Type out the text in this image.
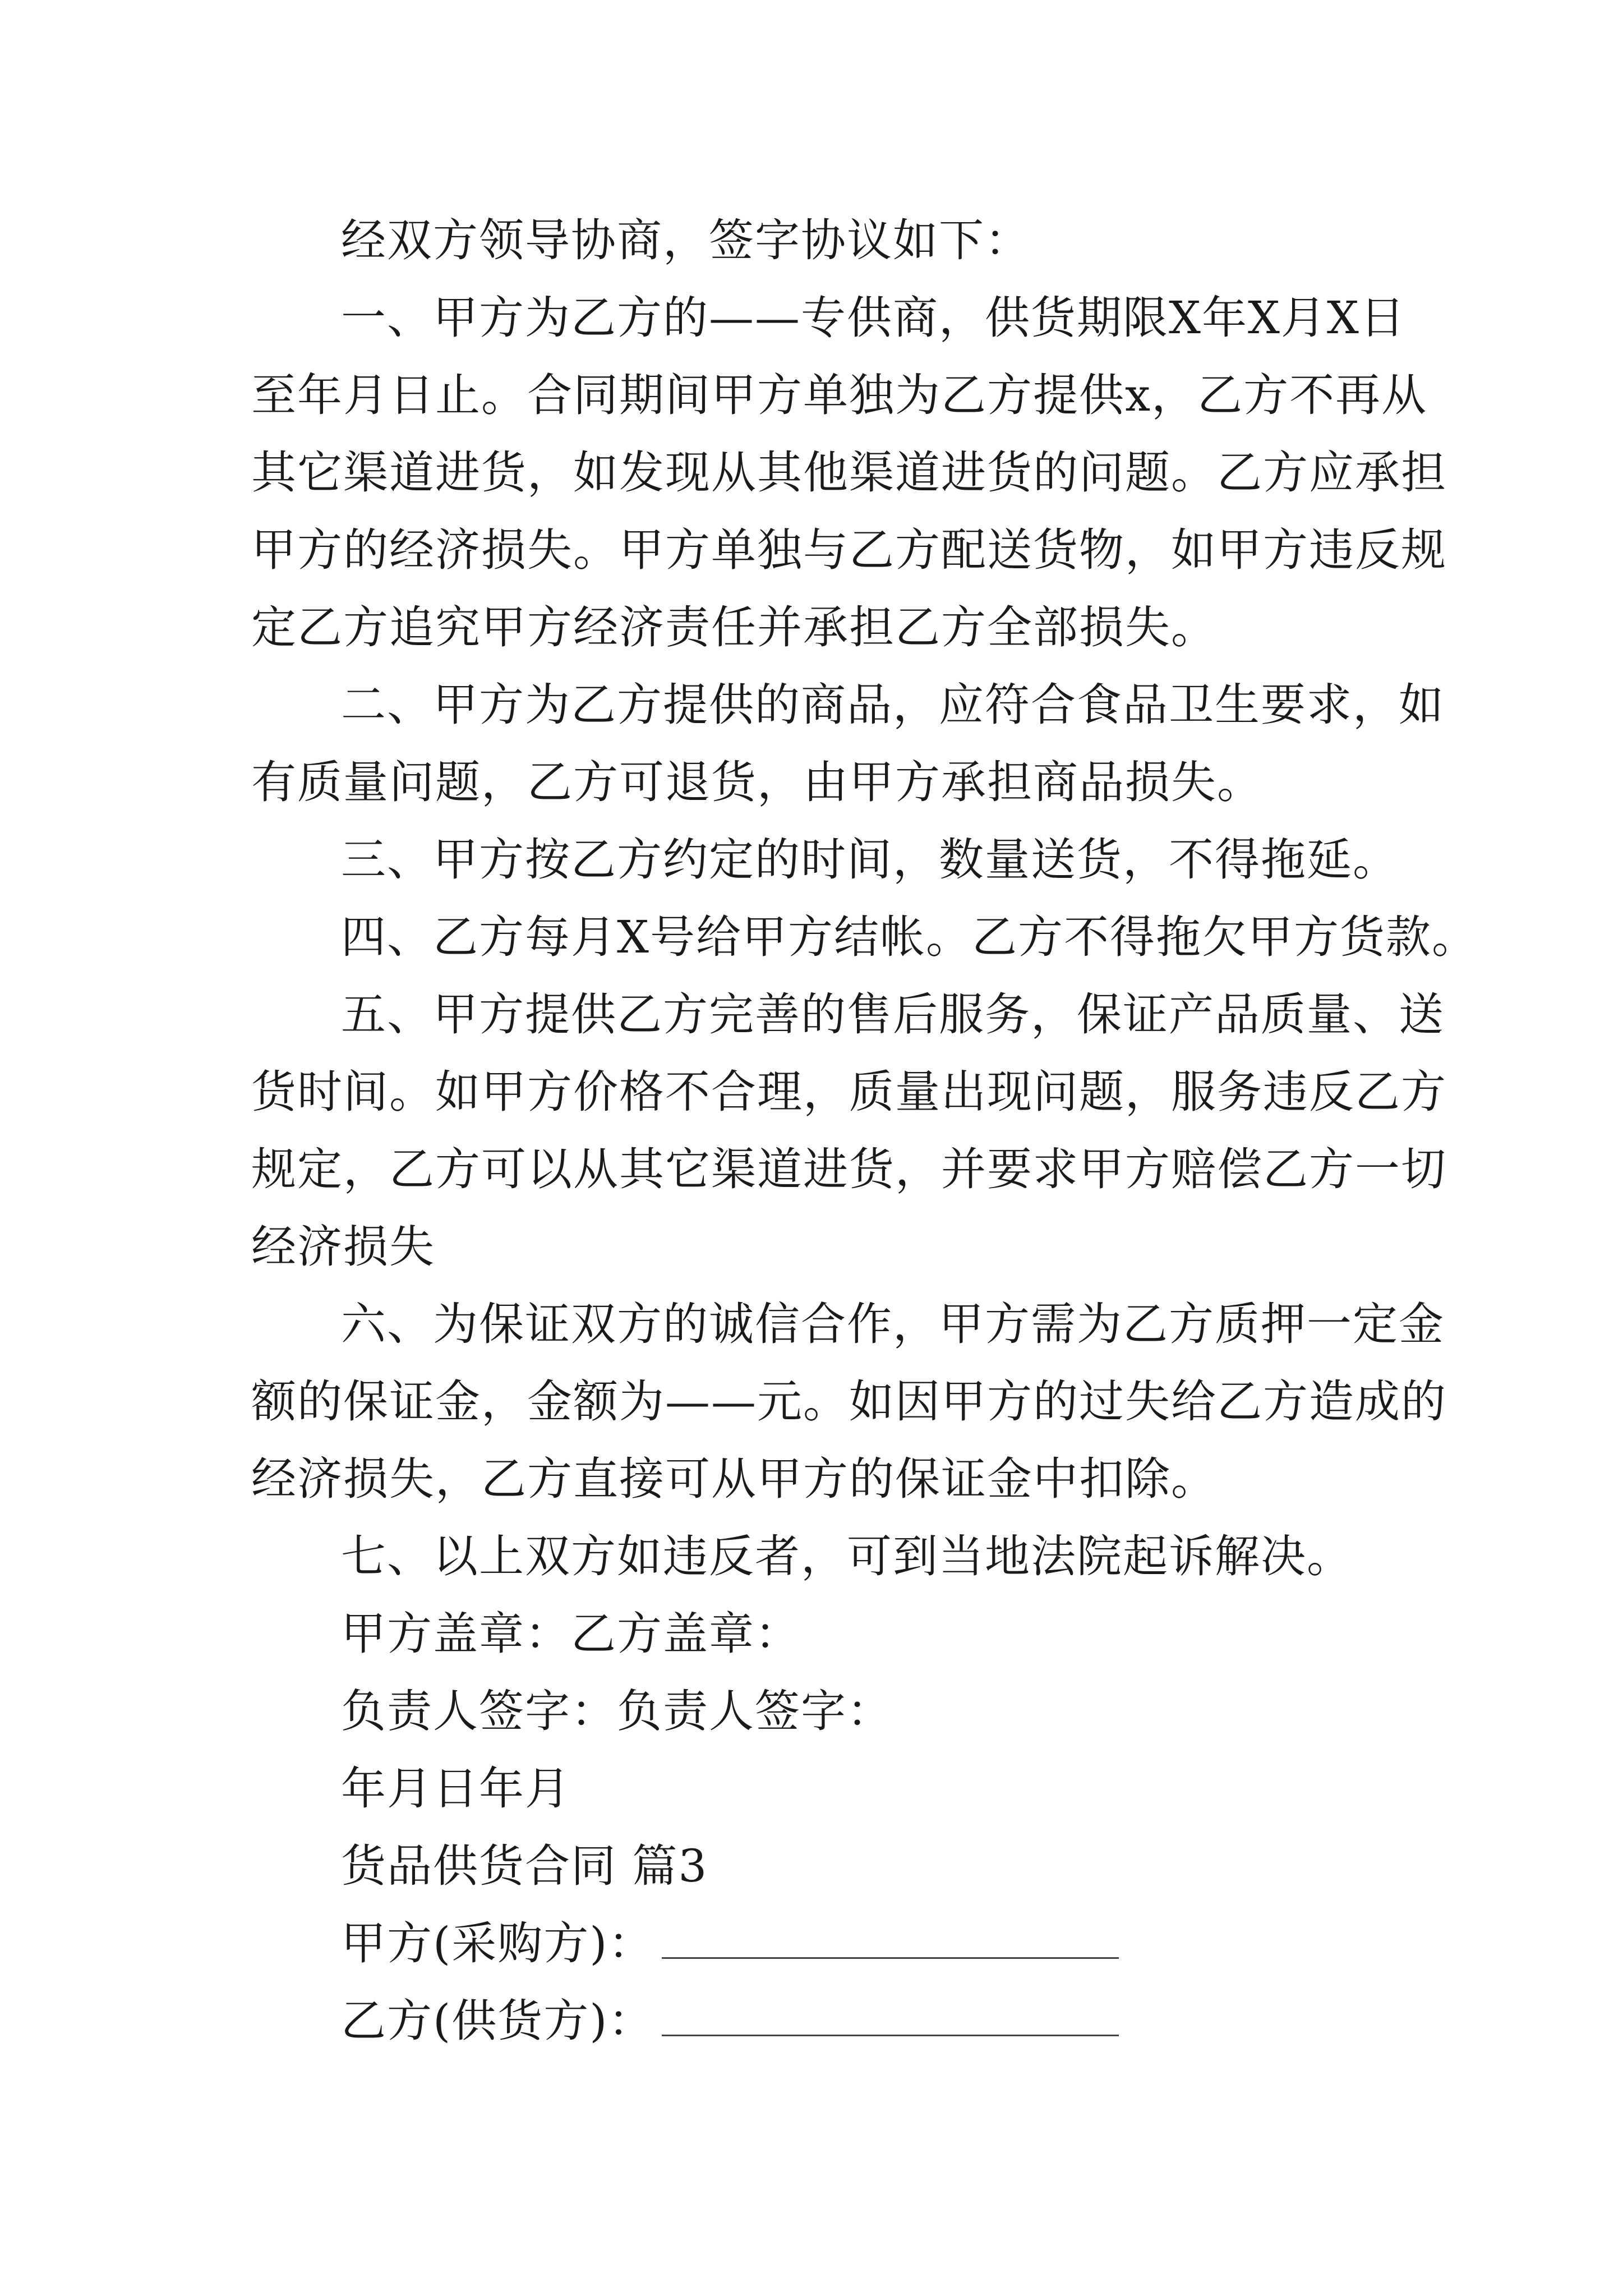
经双方领导协商，签字协议如下：

一、甲方为乙方的——专供商，供货期限X年X月X日

至年月日止。合同期间甲方单独为乙方提供x，乙方不再从

其它渠道进货，如发现从其他渠道进货的问题。乙方应承担

甲方的经济损失。甲方单独与乙方配送货物，如甲方违反规

定乙方追究甲方经济责任并承担乙方全部损失。

二、甲方为乙方提供的商品，应符合食品卫生要求，如

有质量问题，乙方可退货，由甲方承担商品损失。

三、甲方按乙方约定的时间，数量送货，不得拖延。

四、乙方每月X号给甲方结帐。乙方不得拖欠甲方货款。

五、甲方提供乙方完善的售后服务，保证产品质量、送

货时间。如甲方价格不合理，质量出现问题，服务违反乙方

规定，乙方可以从其它渠道进货，并要求甲方赔偿乙方一切

经济损失

六、为保证双方的诚信合作，甲方需为乙方质押一定金

额的保证金，金额为——元。如因甲方的过失给乙方造成的

经济损失，乙方直接可从甲方的保证金中扣除。

七、以上双方如违反者，可到当地法院起诉解决。

甲方盖章：乙方盖章：

负责人签字：负责人签字：

年月日年月

货品供货合同 篇3

甲方(采购方)：

乙方(供货方)：
